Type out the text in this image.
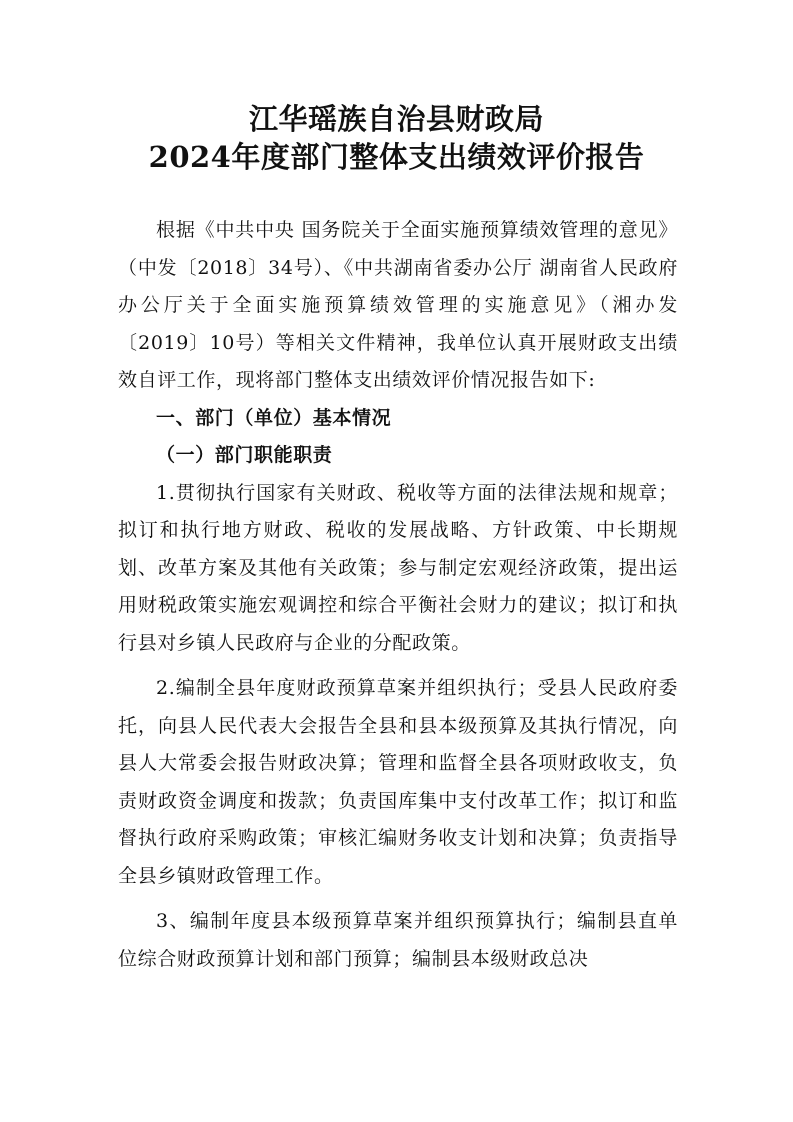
江华瑶族自治县财政局
2024年度部门整体支出绩效评价报告

根据《中共中央 国务院关于全面实施预算绩效管理的意见》（中发〔2018〕34号）、《中共湖南省委办公厅 湖南省人民政府办公厅关于全面实施预算绩效管理的实施意见》（湘办发〔2019〕10号）等相关文件精神，我单位认真开展财政支出绩效自评工作，现将部门整体支出绩效评价情况报告如下:

一、部门（单位）基本情况

（一）部门职能职责

1.贯彻执行国家有关财政、税收等方面的法律法规和规章；拟订和执行地方财政、税收的发展战略、方针政策、中长期规划、改革方案及其他有关政策；参与制定宏观经济政策，提出运用财税政策实施宏观调控和综合平衡社会财力的建议；拟订和执行县对乡镇人民政府与企业的分配政策。

2.编制全县年度财政预算草案并组织执行；受县人民政府委托，向县人民代表大会报告全县和县本级预算及其执行情况，向县人大常委会报告财政决算；管理和监督全县各项财政收支，负责财政资金调度和拨款；负责国库集中支付改革工作；拟订和监督执行政府采购政策；审核汇编财务收支计划和决算；负责指导全县乡镇财政管理工作。

3、编制年度县本级预算草案并组织预算执行；编制县直单位综合财政预算计划和部门预算；编制县本级财政总决
